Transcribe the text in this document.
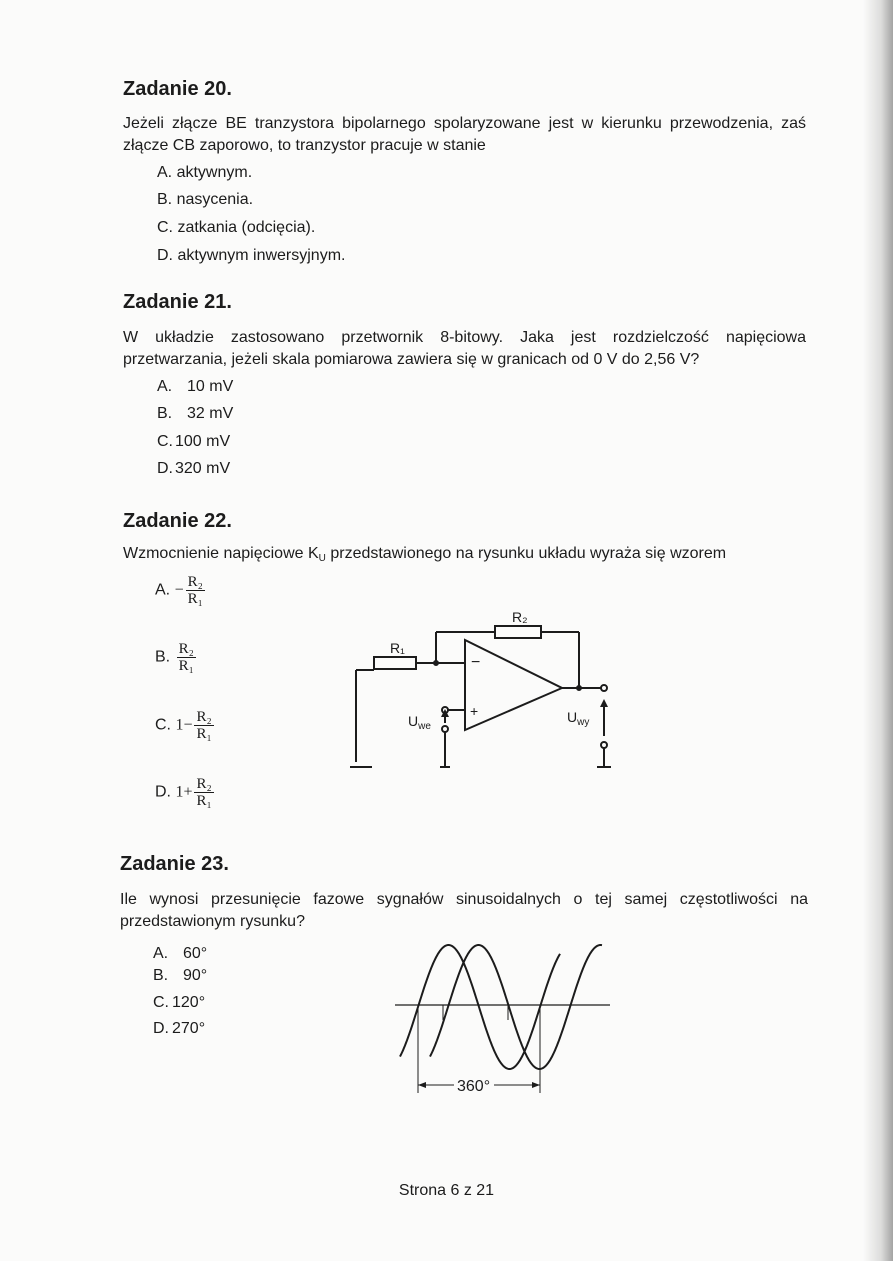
Zadanie 20.

Jeżeli złącze BE tranzystora bipolarnego spolaryzowane jest w kierunku przewodzenia, zaś złącze CB zaporowo, to tranzystor pracuje w stanie

A. aktywnym.
B. nasycenia.
C. zatkania (odcięcia).
D. aktywnym inwersyjnym.
Zadanie 21.

W układzie zastosowano przetwornik 8-bitowy. Jaka jest rozdzielczość napięciowa przetwarzania, jeżeli skala pomiarowa zawiera się w granicach od 0 V do 2,56 V?

A. 10 mV
B. 32 mV
C. 100 mV
D. 320 mV
Zadanie 22.

Wzmocnienie napięciowe $K_U$ przedstawionego na rysunku układu wyraża się wzorem

A. − $\frac{\text{R₂}}{\text{R₁}}$
B. $\frac{\text{R₂}}{\text{R₁}}$
C. $1- \frac{\text{R₂}}{\text{R₁}}$
D. $1+ \frac{\text{R₂}}{\text{R₁}}$
R₁
R₂
−
+
$U_{we}$
$U_{wy}$
Zadanie 23.

Ile wynosi przesunięcie fazowe sygnałów sinusoidalnych o tej samej częstotliwości na przedstawionym rysunku?

A. 60°
B. 90°
C. 120°
D. 270°
360°
Strona 6 z 21
